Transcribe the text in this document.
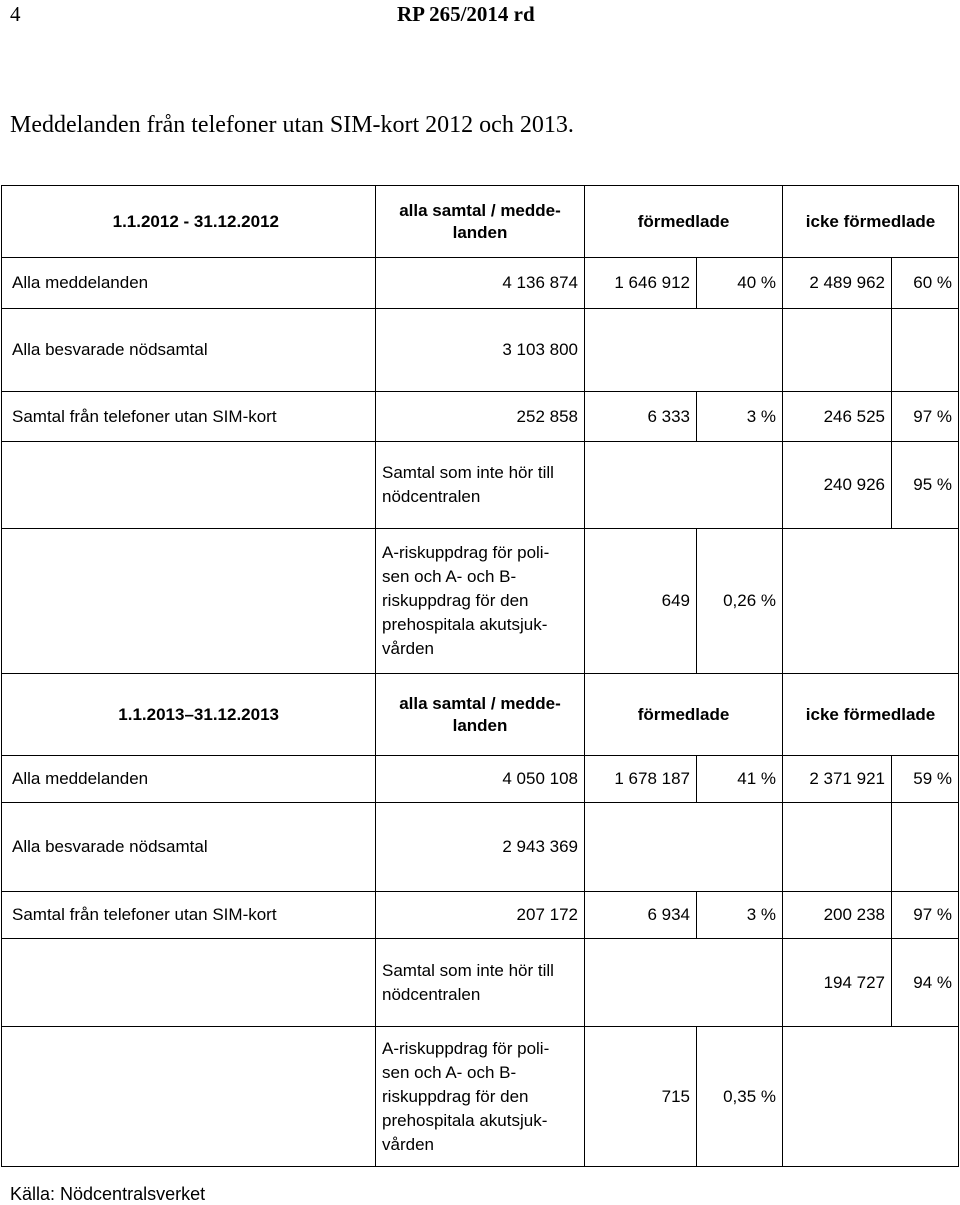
4	RP 265/2014 rd
Meddelanden från telefoner utan SIM-kort 2012 och 2013.
1.1.2012 - 31.12.2012	alla samtal / medde-
landen	förmedlade		icke förmedlade	
Alla meddelanden	4 136 874	1 646 912	40 %	2 489 962	60 %
Alla besvarade nödsamtal	3 103 800				
Samtal från telefoner utan SIM-kort	252 858	6 333	3 %	246 525	97 %
	Samtal som inte hör till
nödcentralen			240 926	95 %
	A-riskuppdrag för poli-
sen och A- och B-
riskuppdrag för den
prehospitala akutsjuk-
vården	649	0,26 %		
1.1.2013–31.12.2013	alla samtal / medde-
landen	förmedlade		icke förmedlade	
Alla meddelanden	4 050 108	1 678 187	41 %	2 371 921	59 %
Alla besvarade nödsamtal	2 943 369				
Samtal från telefoner utan SIM-kort	207 172	6 934	3 %	200 238	97 %
	Samtal som inte hör till
nödcentralen			194 727	94 %
	A-riskuppdrag för poli-
sen och A- och B-
riskuppdrag för den
prehospitala akutsjuk-
vården	715	0,35 %		
Källa: Nödcentralsverket
